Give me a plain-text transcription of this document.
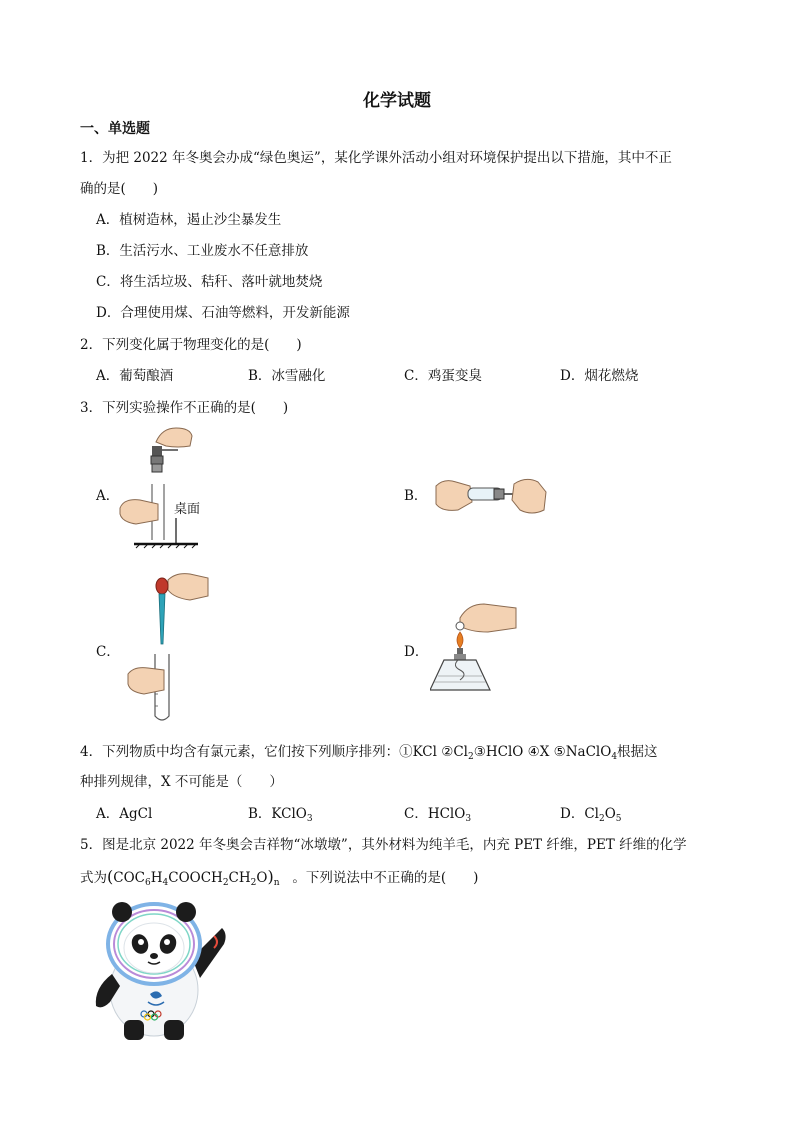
化学试题
一、单选题
1．为把 2022 年冬奥会办成“绿色奥运”，某化学课外活动小组对环境保护提出以下措施，其中不正
确的是(　　)
A．植树造林，遏止沙尘暴发生
B．生活污水、工业废水不任意排放
C．将生活垃圾、秸秆、落叶就地焚烧
D．合理使用煤、石油等燃料，开发新能源
2．下列变化属于物理变化的是(　　)
A．葡萄酿酒	B．冰雪融化	C．鸡蛋变臭	D．烟花燃烧
3．下列实验操作不正确的是(　　)
A．
桌面
B．
C．	D．
4．下列物质中均含有氯元素，它们按下列顺序排列：①KCl $②Cl_2③HClO$ ④X ⑤NaClO$_4$根据这
种排列规律，X 不可能是（　　）
A．AgCl	B．KClO$_3$	C．HClO$_3$	D．$Cl_2O_5$
5．图是北京 2022 年冬奥会吉祥物“冰墩墩”，其外材料为纯羊毛，内充 PET 纤维，PET 纤维的化学
式为$(COC_6H_4COOCH_2CH_2O)_n$ 。下列说法中不正确的是(　　)
